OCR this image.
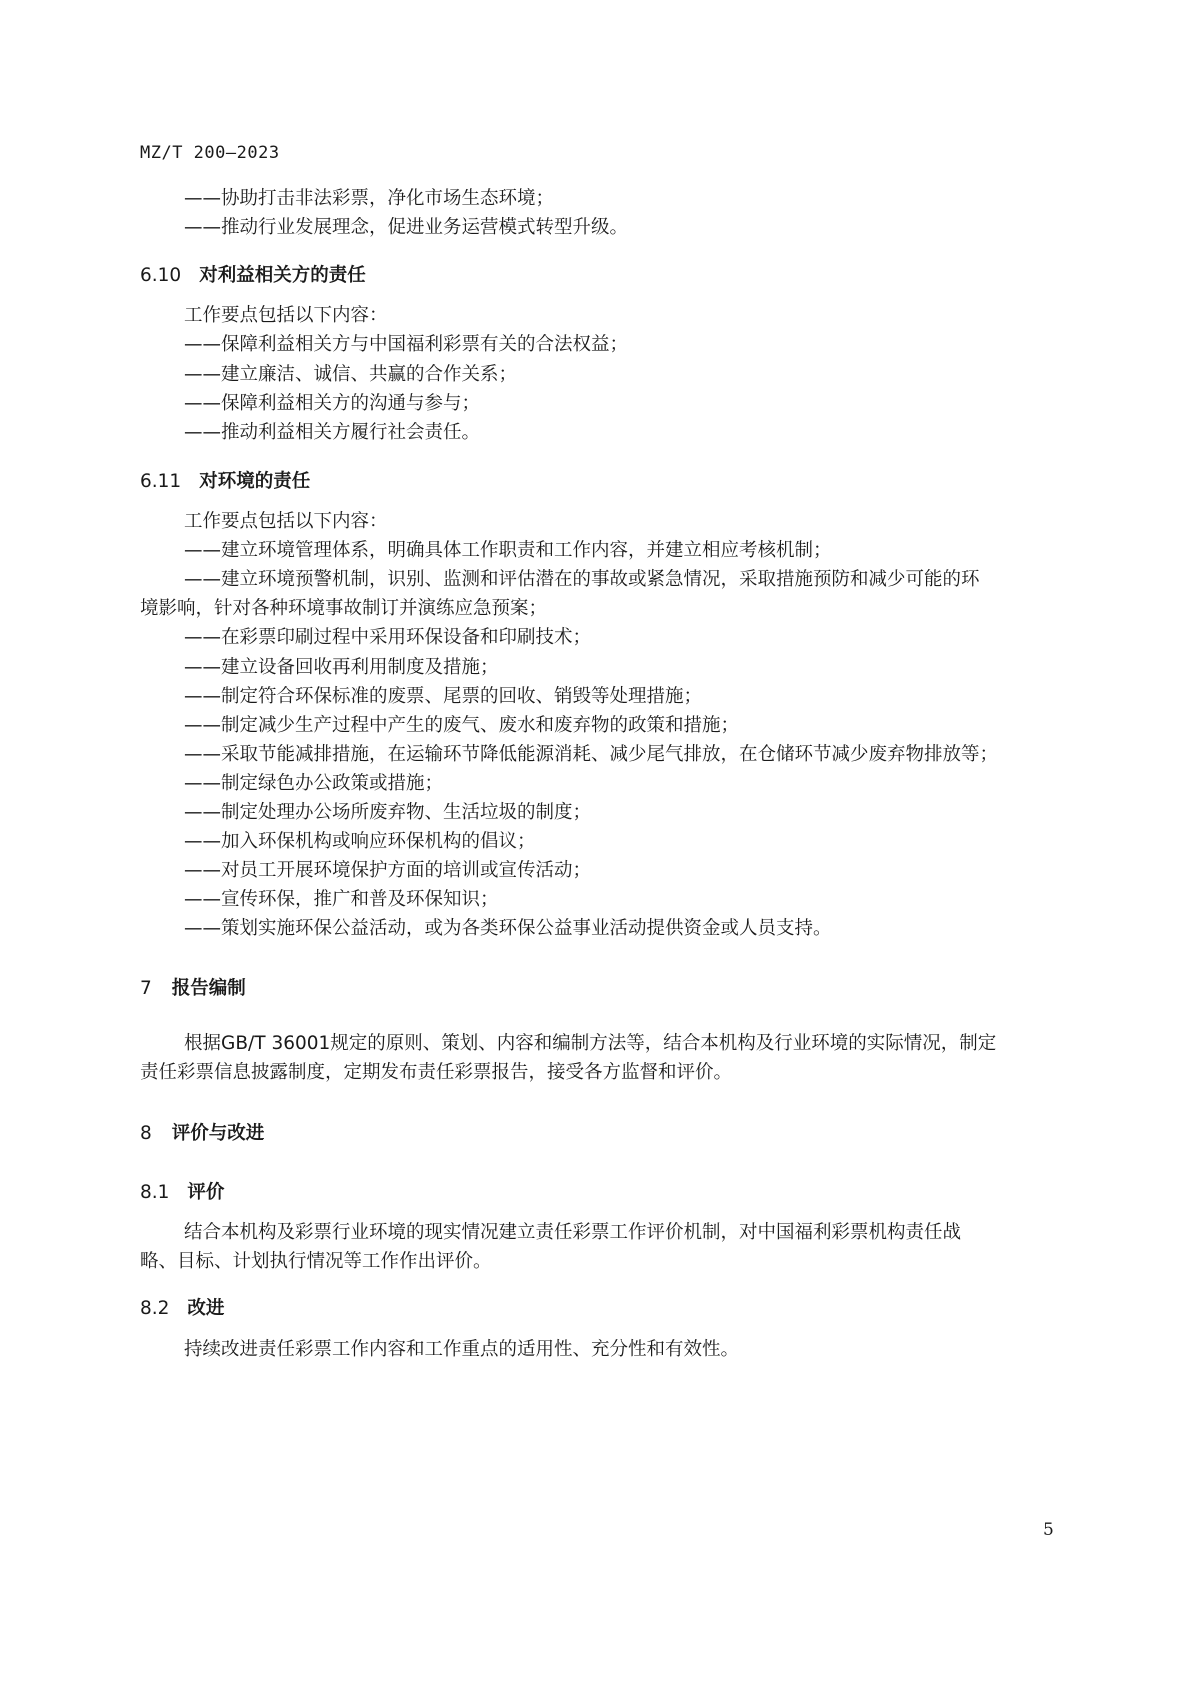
MZ/T 200—2023
——协助打击非法彩票，净化市场生态环境；
——推动行业发展理念，促进业务运营模式转型升级。
6.10 对利益相关方的责任
工作要点包括以下内容：
——保障利益相关方与中国福利彩票有关的合法权益；
——建立廉洁、诚信、共赢的合作关系；
——保障利益相关方的沟通与参与；
——推动利益相关方履行社会责任。
6.11 对环境的责任
工作要点包括以下内容：
——建立环境管理体系，明确具体工作职责和工作内容，并建立相应考核机制；
——建立环境预警机制，识别、监测和评估潜在的事故或紧急情况，采取措施预防和减少可能的环
境影响，针对各种环境事故制订并演练应急预案；
——在彩票印刷过程中采用环保设备和印刷技术；
——建立设备回收再利用制度及措施；
——制定符合环保标准的废票、尾票的回收、销毁等处理措施；
——制定减少生产过程中产生的废气、废水和废弃物的政策和措施；
——采取节能减排措施，在运输环节降低能源消耗、减少尾气排放，在仓储环节减少废弃物排放等；
——制定绿色办公政策或措施；
——制定处理办公场所废弃物、生活垃圾的制度；
——加入环保机构或响应环保机构的倡议；
——对员工开展环境保护方面的培训或宣传活动；
——宣传环保，推广和普及环保知识；
——策划实施环保公益活动，或为各类环保公益事业活动提供资金或人员支持。
7 报告编制
根据GB/T 36001规定的原则、策划、内容和编制方法等，结合本机构及行业环境的实际情况，制定
责任彩票信息披露制度，定期发布责任彩票报告，接受各方监督和评价。
8 评价与改进
8.1 评价
结合本机构及彩票行业环境的现实情况建立责任彩票工作评价机制，对中国福利彩票机构责任战
略、目标、计划执行情况等工作作出评价。
8.2 改进
持续改进责任彩票工作内容和工作重点的适用性、充分性和有效性。
5
